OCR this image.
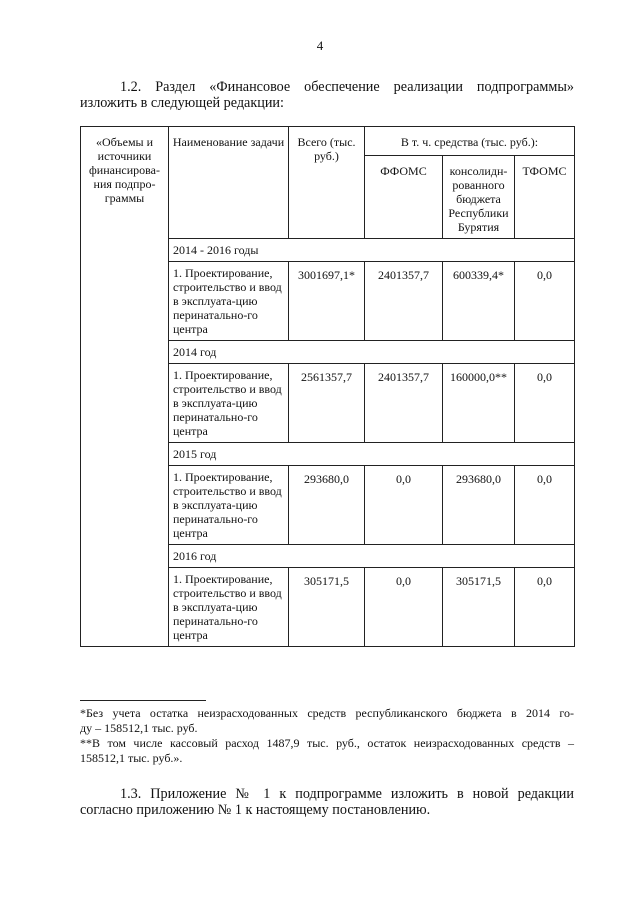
4
1.2. Раздел «Финансовое обеспечение реализации подпрограммы»
изложить в следующей редакции:
«Объемы и источники финансирова-ния подпро-граммы	Наименование задачи	Всего (тыс. руб.)	В т. ч. средства (тыс. руб.):		
			ФФОМС	консолидн-рованного бюджета Республики Бурятия	ТФОМС
	2014 - 2016 годы				
	1. Проектирование, строительство и ввод в эксплуата-цию перинатально-го центра	3001697,1*	2401357,7	600339,4*	0,0
	2014 год				
	1. Проектирование, строительство и ввод в эксплуата-цию перинатально-го центра	2561357,7	2401357,7	160000,0**	0,0
	2015 год				
	1. Проектирование, строительство и ввод в эксплуата-цию перинатально-го центра	293680,0	0,0	293680,0	0,0
	2016 год				
	1. Проектирование, строительство и ввод в эксплуата-цию перинатально-го центра	305171,5	0,0	305171,5	0,0
*Без учета остатка неизрасходованных средств республиканского бюджета в 2014 го-
ду – 158512,1 тыс. руб.
**В том числе кассовый расход 1487,9 тыс. руб., остаток неизрасходованных средств –
158512,1 тыс. руб.».
1.3. Приложение № 1 к подпрограмме изложить в новой редакции
согласно приложению № 1 к настоящему постановлению.
